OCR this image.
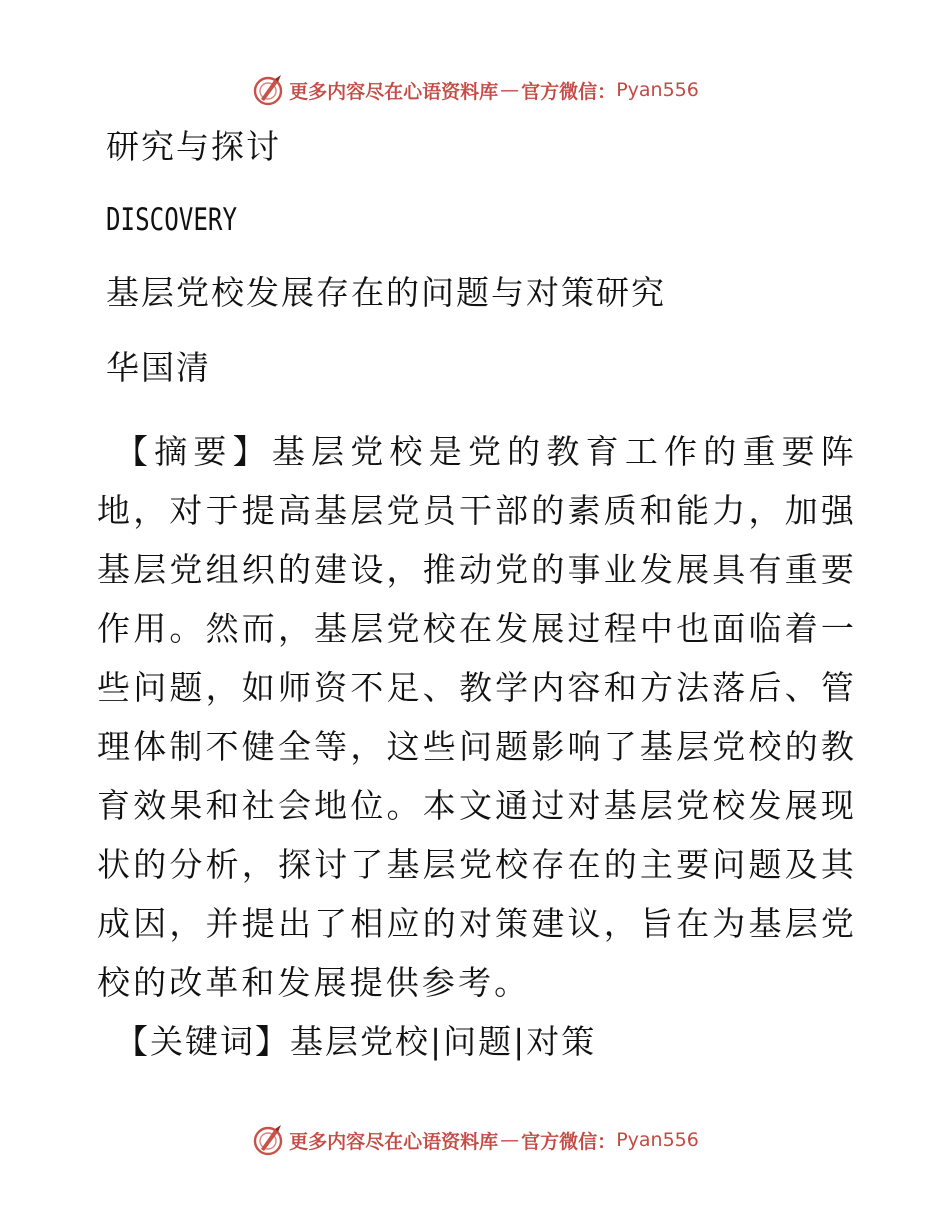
更多内容尽在心语资料库 — 官方微信： Pyan556
研究与探讨
DISCOVERY
基层党校发展存在的问题与对策研究
华国清

【摘要】基层党校是党的教育工作的重要阵地，对于提高基层党员干部的素质和能力，加强基层党组织的建设，推动党的事业发展具有重要作用。然而，基层党校在发展过程中也面临着一些问题，如师资不足、教学内容和方法落后、管理体制不健全等，这些问题影响了基层党校的教育效果和社会地位。本文通过对基层党校发展现状的分析，探讨了基层党校存在的主要问题及其成因，并提出了相应的对策建议，旨在为基层党校的改革和发展提供参考。

【关键词】基层党校|问题|对策
更多内容尽在心语资料库 — 官方微信： Pyan556
